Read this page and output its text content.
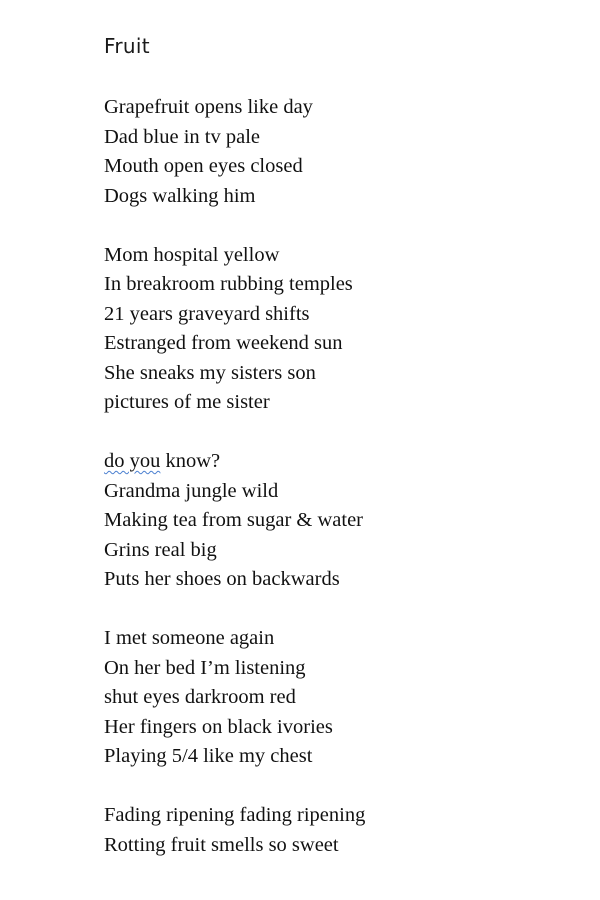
Fruit
Grapefruit opens like day
Dad blue in tv pale
Mouth open eyes closed
Dogs walking him
Mom hospital yellow
In breakroom rubbing temples
21 years graveyard shifts
Estranged from weekend sun
She sneaks my sisters son
pictures of me sister
do you know?
Grandma jungle wild
Making tea from sugar & water
Grins real big
Puts her shoes on backwards
I met someone again
On her bed I’m listening
shut eyes darkroom red
Her fingers on black ivories
Playing 5/4 like my chest
Fading ripening fading ripening
Rotting fruit smells so sweet
